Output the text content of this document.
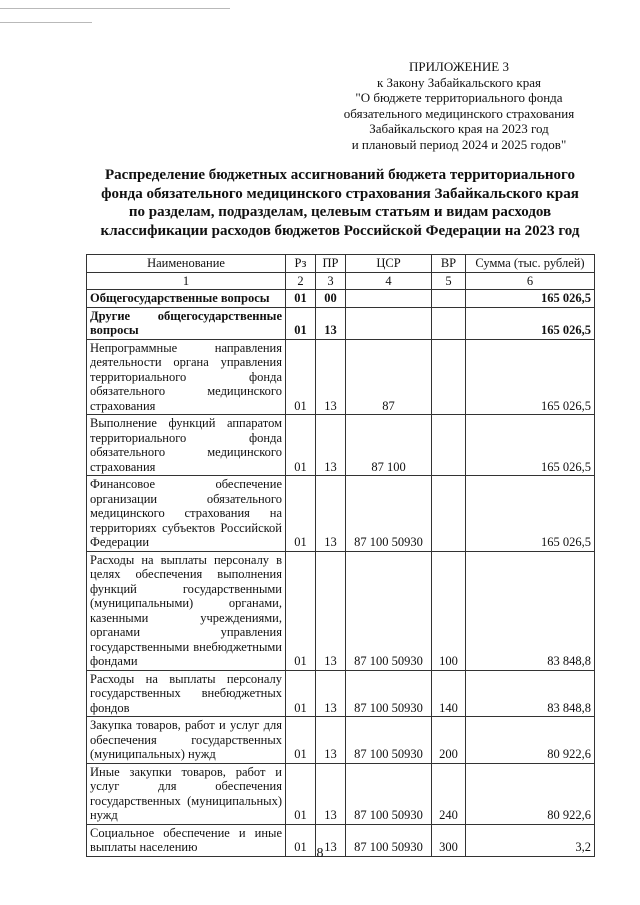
ПРИЛОЖЕНИЕ 3
к Закону Забайкальского края
"О бюджете территориального фонда
обязательного медицинского страхования
Забайкальского края на 2023 год
и плановый период 2024 и 2025 годов"
Распределение бюджетных ассигнований бюджета территориального
фонда обязательного медицинского страхования Забайкальского края
по разделам, подразделам, целевым статьям и видам расходов
классификации расходов бюджетов Российской Федерации на 2023 год
Наименование	Рз	ПР	ЦСР	ВР	Сумма (тыс. рублей)
1	2	3	4	5	6
Общегосударственные вопросы	01	00			165 026,5
Другие общегосударственные вопросы	01	13			165 026,5
Непрограммные направления деятельности органа управления территориального фонда обязательного медицинского страхования	01	13	87		165 026,5
Выполнение функций аппаратом территориального фонда обязательного медицинского страхования	01	13	87 100		165 026,5
Финансовое обеспечение организации обязательного медицинского страхования на территориях субъектов Российской Федерации	01	13	87 100 50930		165 026,5
Расходы на выплаты персоналу в целях обеспечения выполнения функций государственными (муниципальными) органами, казенными учреждениями, органами управления государственными внебюджетными фондами	01	13	87 100 50930	100	83 848,8
Расходы на выплаты персоналу государственных внебюджетных фондов	01	13	87 100 50930	140	83 848,8
Закупка товаров, работ и услуг для обеспечения государственных (муниципальных) нужд	01	13	87 100 50930	200	80 922,6
Иные закупки товаров, работ и услуг для обеспечения государственных (муниципальных) нужд	01	13	87 100 50930	240	80 922,6
Социальное обеспечение и иные выплаты населению	01	13	87 100 50930	300	3,2
8
